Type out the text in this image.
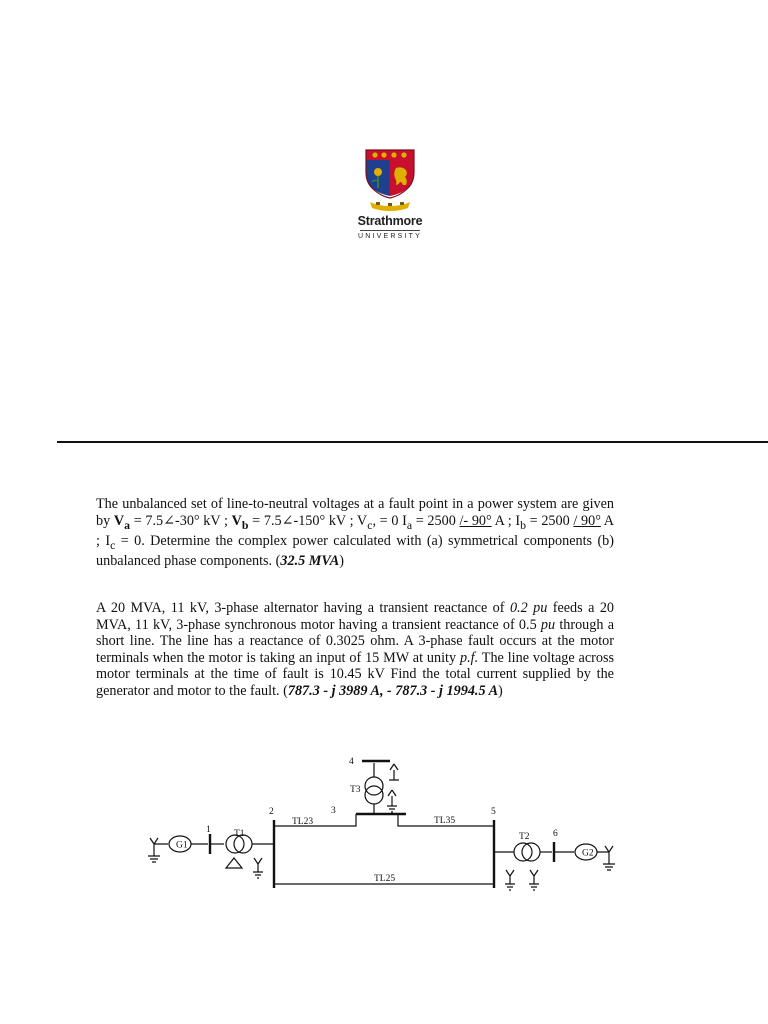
Strathmore
UNIVERSITY

The unbalanced set of line-to-neutral voltages at a fault point in a power system are given by $V_a$ = 7.5∠-30° kV ; $V_b$ = 7.5∠-150° kV ; $V_c$, = 0 $I_a = 2500 /- 90^\circ$ A ; $I_b = 2500 / 90^\circ$ A ; $I_c = 0$. Determine the complex power calculated with (a) symmetrical components (b) unbalanced phase components. (32.5 MVA)

A 20 MVA, 11 kV, 3-phase alternator having a transient reactance of 0.2 pu feeds a 20 MVA, 11 kV, 3-phase synchronous motor having a transient reactance of 0.5 pu through a short line. The line has a reactance of 0.3025 ohm. A 3-phase fault occurs at the motor terminals when the motor is taking an input of 15 MW at unity p.f. The line voltage across motor terminals at the time of fault is 10.45 kV Find the total current supplied by the generator and motor to the fault. (787.3 - j 3989 A, - 787.3 - j 1994.5 A)

G1
G2
1
2	3
4
5
6
T1	T2
T3
TL23	TL35
TL25
